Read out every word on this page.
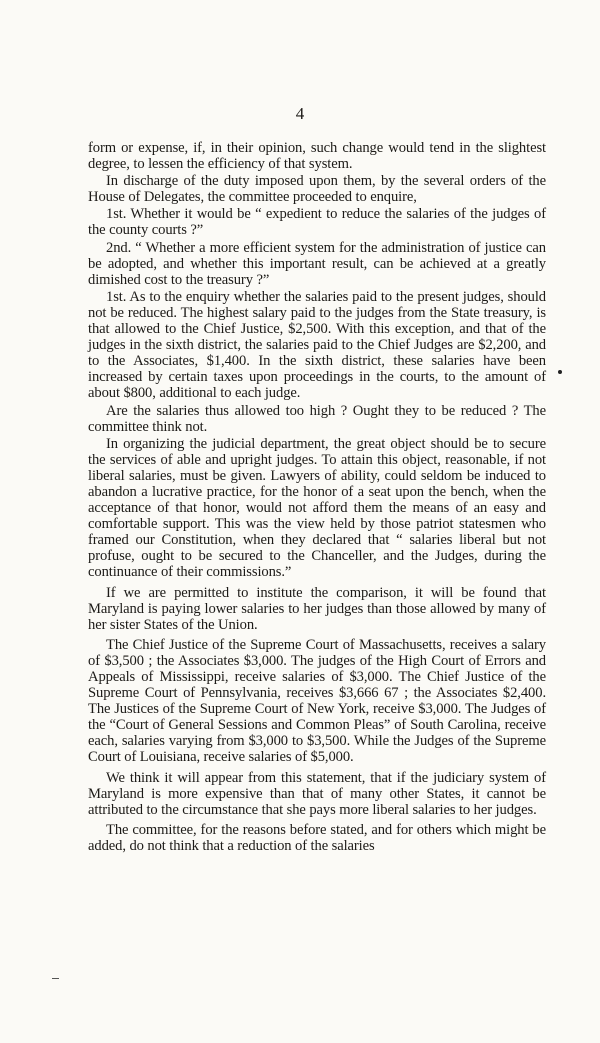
4

form or expense, if, in their opinion, such change would tend in the slightest degree, to lessen the efficiency of that system.

In discharge of the duty imposed upon them, by the several orders of the House of Delegates, the committee proceeded to enquire,

1st. Whether it would be “ expedient to reduce the salaries of the judges of the county courts ?”

2nd. “ Whether a more efficient system for the administration of justice can be adopted, and whether this important result, can be achieved at a greatly dimished cost to the treasury ?”

1st. As to the enquiry whether the salaries paid to the present judges, should not be reduced. The highest salary paid to the judges from the State treasury, is that allowed to the Chief Justice, $2,500. With this exception, and that of the judges in the sixth district, the salaries paid to the Chief Judges are $2,200, and to the Associates, $1,400. In the sixth district, these salaries have been increased by certain taxes upon proceedings in the courts, to the amount of about $800, additional to each judge.

Are the salaries thus allowed too high ? Ought they to be reduced ? The committee think not.

In organizing the judicial department, the great object should be to secure the services of able and upright judges. To attain this object, reasonable, if not liberal salaries, must be given. Lawyers of ability, could seldom be induced to abandon a lucrative practice, for the honor of a seat upon the bench, when the acceptance of that honor, would not afford them the means of an easy and comfortable support. This was the view held by those patriot statesmen who framed our Constitution, when they declared that “ salaries liberal but not profuse, ought to be secured to the Chanceller, and the Judges, during the continuance of their commissions.”

If we are permitted to institute the comparison, it will be found that Maryland is paying lower salaries to her judges than those allowed by many of her sister States of the Union.

The Chief Justice of the Supreme Court of Massachusetts, receives a salary of $3,500 ; the Associates $3,000. The judges of the High Court of Errors and Appeals of Mississippi, receive salaries of $3,000. The Chief Justice of the Supreme Court of Pennsylvania, receives $3,666 67 ; the Associates $2,400. The Justices of the Supreme Court of New York, receive $3,000. The Judges of the “Court of General Sessions and Common Pleas” of South Carolina, receive each, salaries varying from $3,000 to $3,500. While the Judges of the Supreme Court of Louisiana, receive salaries of $5,000.

We think it will appear from this statement, that if the judiciary system of Maryland is more expensive than that of many other States, it cannot be attributed to the circumstance that she pays more liberal salaries to her judges.

The committee, for the reasons before stated, and for others which might be added, do not think that a reduction of the salaries
